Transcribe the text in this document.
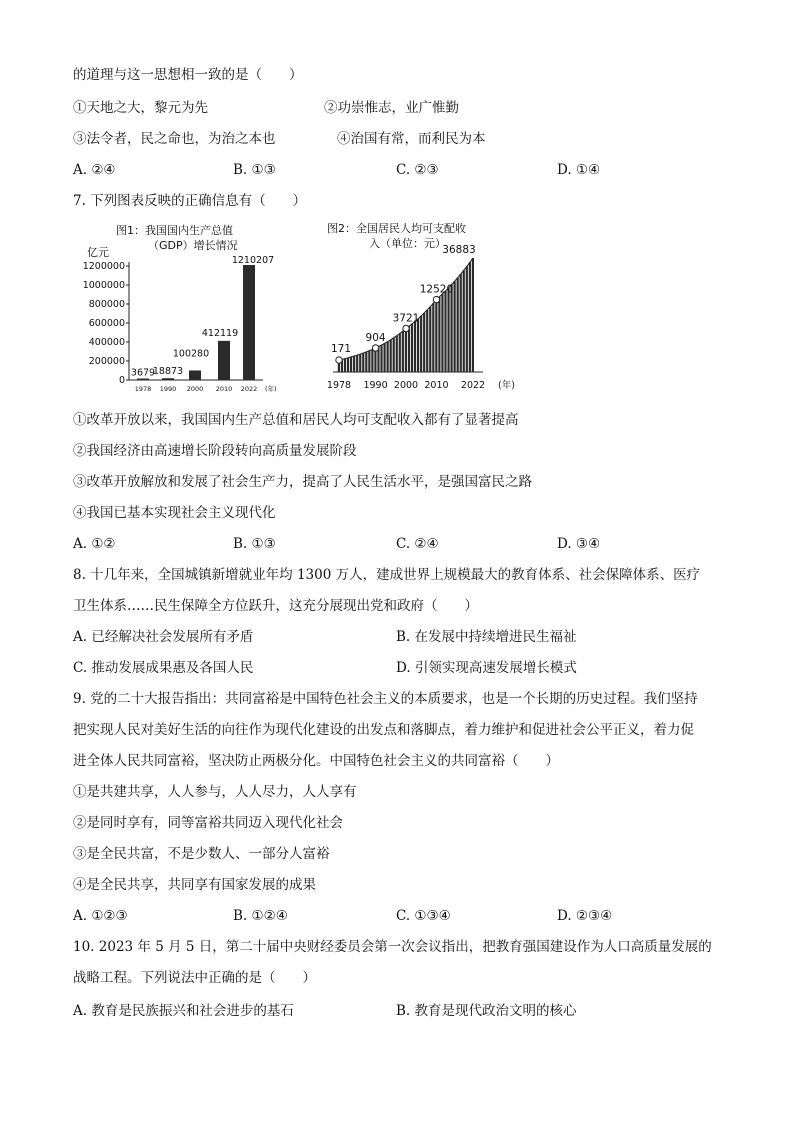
的道理与这一思想相一致的是（　　）
①天地之大，黎元为先	②功崇惟志，业广惟勤
③法令者，民之命也，为治之本也	④治国有常，而利民为本
A. ②④	B. ①③	C. ②③	D. ①④
7. 下列图表反映的正确信息有（　　）
图1：我国国内生产总值
（GDP）增长情况
亿元
0
200000
400000
600000
800000
1000000
1200000
3679
1978
18873
1990
100280
2000
412119
2010
1210207
2022 (年)
图2：全国居民人均可支配收
入（单位：元）
171
904
3721
12520
36883
1978 1990 2000 2010 2022 (年)
①改革开放以来，我国国内生产总值和居民人均可支配收入都有了显著提高
②我国经济由高速增长阶段转向高质量发展阶段
③改革开放解放和发展了社会生产力，提高了人民生活水平，是强国富民之路
④我国已基本实现社会主义现代化
A. ①②	B. ①③	C. ②④	D. ③④
8. 十几年来，全国城镇新增就业年均 1300 万人，建成世界上规模最大的教育体系、社会保障体系、医疗
卫生体系……民生保障全方位跃升，这充分展现出党和政府（　　）
A. 已经解决社会发展所有矛盾	B. 在发展中持续增进民生福祉
C. 推动发展成果惠及各国人民	D. 引领实现高速发展增长模式
9. 党的二十大报告指出：共同富裕是中国特色社会主义的本质要求，也是一个长期的历史过程。我们坚持
把实现人民对美好生活的向往作为现代化建设的出发点和落脚点，着力维护和促进社会公平正义，着力促
进全体人民共同富裕，坚决防止两极分化。中国特色社会主义的共同富裕（　　）
①是共建共享，人人参与，人人尽力，人人享有
②是同时享有，同等富裕共同迈入现代化社会
③是全民共富，不是少数人、一部分人富裕
④是全民共享，共同享有国家发展的成果
A. ①②③	B. ①②④	C. ①③④	D. ②③④
10. 2023 年 5 月 5 日，第二十届中央财经委员会第一次会议指出，把教育强国建设作为人口高质量发展的
战略工程。下列说法中正确的是（　　）
A. 教育是民族振兴和社会进步的基石	B. 教育是现代政治文明的核心
